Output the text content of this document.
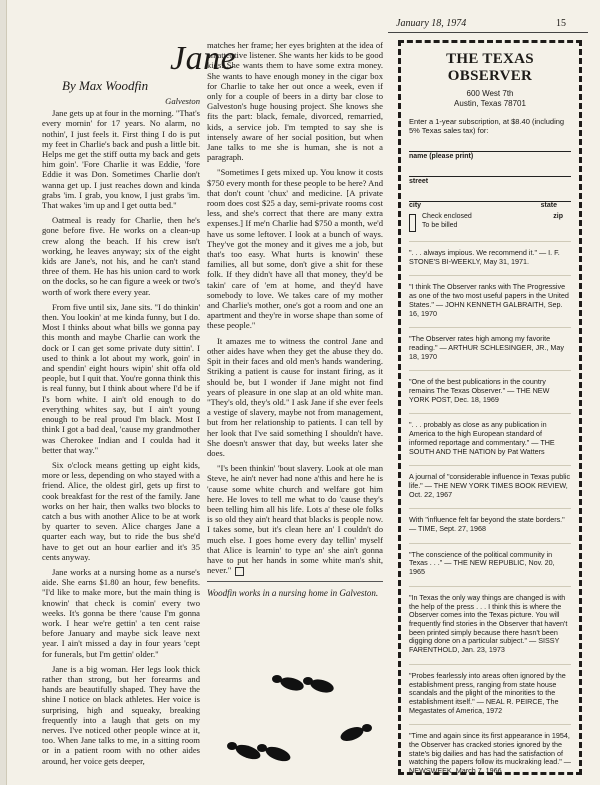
January 18, 1974	15
Jane
By Max Woodfin
Galveston

Jane gets up at four in the morning. "That's every mornin' for 17 years. No alarm, no nothin', I just feels it. First thing I do is put my feet in Charlie's back and push a little bit. Helps me get the stiff outta my back and gets him goin'. 'Fore Charlie it was Eddie, 'fore Eddie it was Don. Sometimes Charlie don't wanna get up. I just reaches down and kinda grabs 'im. I grab, you know, I just grabs 'im. That wakes 'im up and I get outta bed."

Oatmeal is ready for Charlie, then he's gone before five. He works on a clean-up crew along the beach. If his crew isn't working, he leaves anyway; six of the eight kids are Jane's, not his, and he can't stand three of them. He has his union card to work on the docks, so he can figure a week or two's worth of work there every year.

From five until six, Jane sits. "I do thinkin' then. You lookin' at me kinda funny, but I do. Most I thinks about what bills we gonna pay this month and maybe Charlie can work the dock or I can get some private duty sittin'. I used to think a lot about my work, goin' in and spendin' eight hours wipin' shit offa old people, but I quit that. You're gonna think this is real funny, but I think about where I'd be if I's born white. I ain't old enough to do everything whites say, but I ain't young enough to be real proud I'm black. Most I think I got a bad deal, 'cause my grandmother was Cherokee Indian and I coulda had it better that way."

Six o'clock means getting up eight kids, more or less, depending on who stayed with a friend. Alice, the oldest girl, gets up first to cook breakfast for the rest of the family. Jane works on her hair, then walks two blocks to catch a bus with another Alice to be at work by quarter to seven. Alice charges Jane a quarter each way, but to ride the bus she'd have to get out an hour earlier and it's 35 cents anyway.

Jane works at a nursing home as a nurse's aide. She earns $1.80 an hour, few benefits. "I'd like to make more, but the main thing is knowin' that check is comin' every two weeks. It's gonna be there 'cause I'm gonna work. I hear we're gettin' a ten cent raise before January and maybe sick leave next year. I ain't missed a day in four years 'cept for funerals, but I'm gettin' older."

Jane is a big woman. Her legs look thick rather than strong, but her forearms and hands are beautifully shaped. They have the shine I notice on black athletes. Her voice is surprising, high and squeaky, breaking frequently into a laugh that gets on my nerves. I've noticed other people wince at it, too. When Jane talks to me, in a sitting room or in a patient room with no other aides around, her voice gets deeper,

matches her frame; her eyes brighten at the idea of an attentive listener. She wants her kids to be good kids. She wants them to have some extra money. She wants to have enough money in the cigar box for Charlie to take her out once a week, even if only for a couple of beers in a dirty bar close to Galveston's huge housing project. She knows she fits the part: black, female, divorced, remarried, kids, a service job. I'm tempted to say she is intensely aware of her social position, but when Jane talks to me she is human, she is not a paragraph.

"Sometimes I gets mixed up. You know it costs $750 every month for these people to be here? And that don't count 'chux' and medicine. [A private room does cost $25 a day, semi-private rooms cost less, and she's correct that there are many extra expenses.] If me'n Charlie had $750 a month, we'd have us some leftover. I look at a bunch of ways. They've got the money and it gives me a job, but that's too easy. What hurts is knowin' these families, all but some, don't give a shit for these folk. If they didn't have all that money, they'd be takin' care of 'em at home, and they'd have somebody to love. We takes care of my mother and Charlie's mother, one's got a room and one an apartment and they're in worse shape than some of these people."

It amazes me to witness the control Jane and other aides have when they get the abuse they do. Spit in their faces and old men's hands wandering. Striking a patient is cause for instant firing, as it should be, but I wonder if Jane might not find years of pleasure in one slap at an old white man. "They's old, they's old." I ask Jane if she ever feels a vestige of slavery, maybe not from management, but from her relationship to patients. I can tell by her look that I've said something I shouldn't have. She doesn't answer that day, but weeks later she does.

"I's been thinkin' 'bout slavery. Look at ole man Steve, he ain't never had none a'this and here he is 'cause some white church and welfare got him here. He loves to tell me what to do 'cause they's been telling him all his life. Lots a' these ole folks is so old they ain't heard that blacks is people now. I takes some, but it's clean here an' I couldn't do much else. I goes home every day tellin' myself that Alice is learnin' to type an' she ain't gonna have to put her hands in some white man's shit, never."

Woodfin works in a nursing home in Galveston.

THE TEXAS OBSERVER
600 West 7th
Austin, Texas 78701
Enter a 1-year subscription, at $8.40 (including 5% Texas sales tax) for:
name (please print)
street
city	state
Check enclosed
To be billed
zip
". . . always impious. We recommend it." — I. F. STONE'S BI-WEEKLY, May 31, 1971.
"I think The Observer ranks with The Progressive as one of the two most useful papers in the United States." — JOHN KENNETH GALBRAITH, Sep. 16, 1970
"The Observer rates high among my favorite reading." — ARTHUR SCHLESINGER, JR., May 18, 1970
"One of the best publications in the country remains The Texas Observer." — THE NEW YORK POST, Dec. 18, 1969
". . . probably as close as any publication in America to the high European standard of informed reportage and commentary." — THE SOUTH AND THE NATION by Pat Watters
A journal of "considerable influence in Texas public life." — THE NEW YORK TIMES BOOK REVIEW, Oct. 22, 1967
With "influence felt far beyond the state borders." — TIME, Sept. 27, 1968
"The conscience of the political community in Texas . . ." — THE NEW REPUBLIC, Nov. 20, 1965
"In Texas the only way things are changed is with the help of the press . . . I think this is where the Observer comes into the Texas picture. You will frequently find stories in the Observer that haven't been printed simply because there hasn't been digging done on a particular subject." — SISSY FARENTHOLD, Jan. 23, 1973
"Probes fearlessly into areas often ignored by the establishment press, ranging from state house scandals and the plight of the minorities to the establishment itself." — NEAL R. PEIRCE, The Megastates of America, 1972
"Time and again since its first appearance in 1954, the Observer has cracked stories ignored by the state's big dailies and has had the satisfaction of watching the papers follow its muckraking lead." — NEWSWEEK, March 7, 1966
